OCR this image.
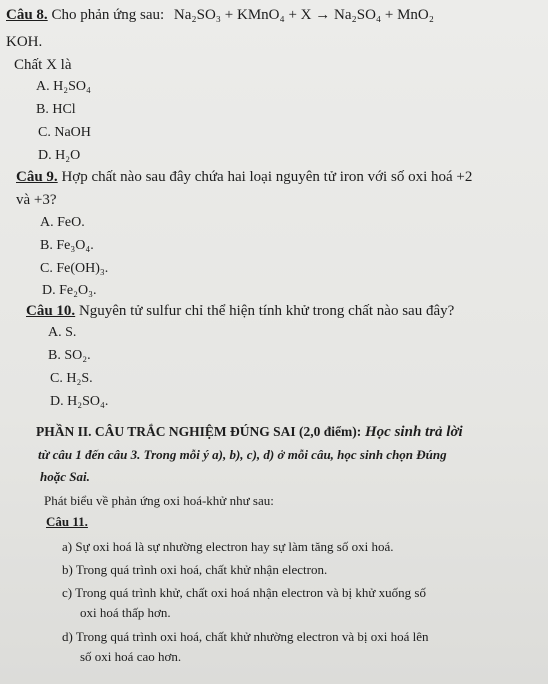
Câu 8. Cho phản ứng sau: Na₂SO₃ + KMnO₄ + X → Na₂SO₄ + MnO₂
KOH.
Chất X là
A. H₂SO₄
B. HCl
C. NaOH
D. H₂O
Câu 9. Hợp chất nào sau đây chứa hai loại nguyên tử iron với số oxi hoá +2
và +3?
A. FeO.
B. Fe₃O₄.
C. Fe(OH)₃.
D. Fe₂O₃.
Câu 10. Nguyên tử sulfur chỉ thể hiện tính khử trong chất nào sau đây?
A. S.
B. SO₂.
C. H₂S.
D. H₂SO₄.
PHẦN II. CÂU TRẮC NGHIỆM ĐÚNG SAI (2,0 điểm): Học sinh trả lời
từ câu 1 đến câu 3. Trong mỗi ý a), b), c), d) ở mỗi câu, học sinh chọn Đúng
hoặc Sai.
Phát biểu về phản ứng oxi hoá-khử như sau:
Câu 11.
a) Sự oxi hoá là sự nhường electron hay sự làm tăng số oxi hoá.
b) Trong quá trình oxi hoá, chất khử nhận electron.
c) Trong quá trình khử, chất oxi hoá nhận electron và bị khử xuống số
oxi hoá thấp hơn.
d) Trong quá trình oxi hoá, chất khử nhường electron và bị oxi hoá lên
số oxi hoá cao hơn.
